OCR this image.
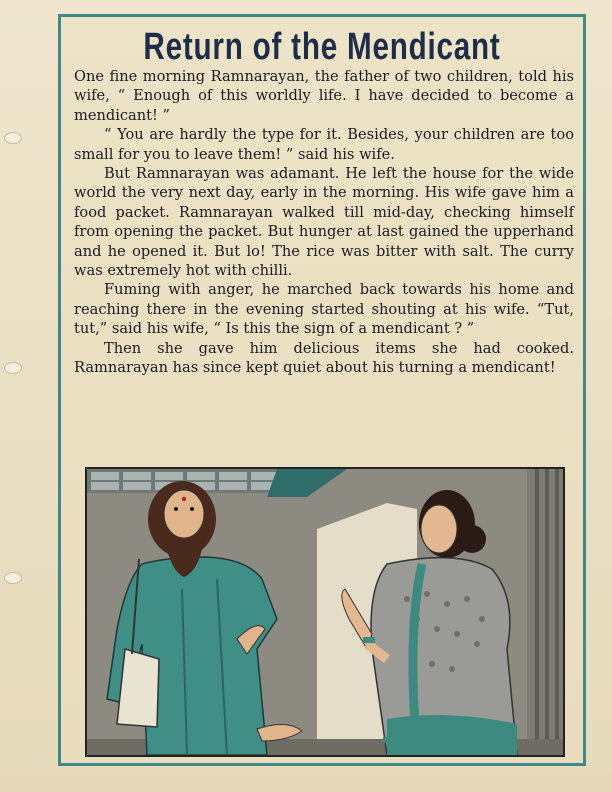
Return of the Mendicant

One fine morning Ramnarayan, the father of two children, told his wife, “ Enough of this worldly life. I have decided to become a mendicant! ”

“ You are hardly the type for it. Besides, your children are too small for you to leave them! ” said his wife.

But Ramnarayan was adamant. He left the house for the wide world the very next day, early in the morning. His wife gave him a food packet. Ramnarayan walked till mid-day, checking himself from opening the packet. But hunger at last gained the upperhand and he opened it. But lo! The rice was bitter with salt. The curry was extremely hot with chilli.

Fuming with anger, he marched back towards his home and reaching there in the evening started shouting at his wife. “Tut, tut,” said his wife, “ Is this the sign of a mendicant ? ”

Then she gave him delicious items she had cooked. Ramnarayan has since kept quiet about his turning a mendicant!
